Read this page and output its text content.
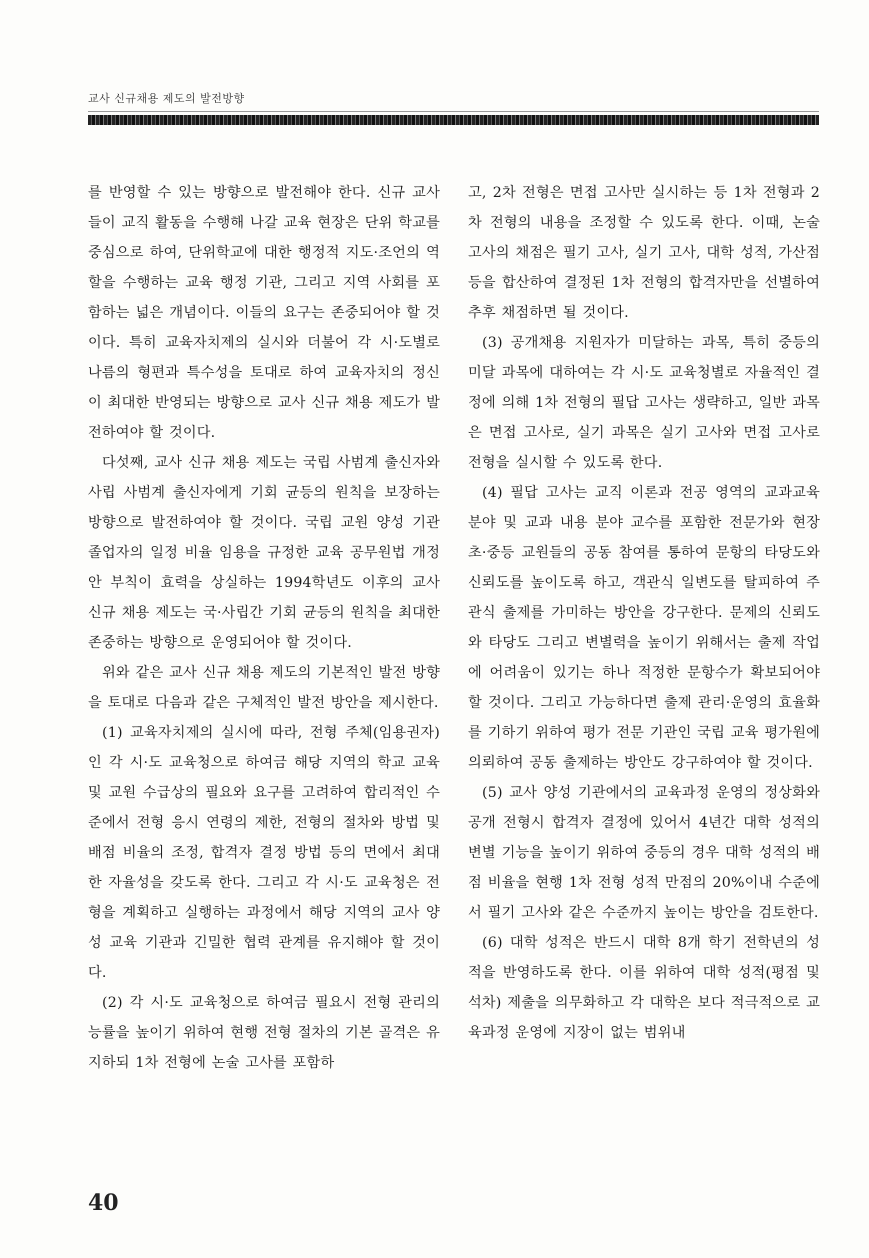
교사 신규채용 제도의 발전방향

를 반영할 수 있는 방향으로 발전해야 한다. 신규 교사들이 교직 활동을 수행해 나갈 교육 현장은 단위 학교를 중심으로 하여, 단위학교에 대한 행정적 지도·조언의 역할을 수행하는 교육 행정 기관, 그리고 지역 사회를 포함하는 넓은 개념이다. 이들의 요구는 존중되어야 할 것이다. 특히 교육자치제의 실시와 더불어 각 시·도별로 나름의 형편과 특수성을 토대로 하여 교육자치의 정신이 최대한 반영되는 방향으로 교사 신규 채용 제도가 발전하여야 할 것이다.

다섯째, 교사 신규 채용 제도는 국립 사범계 출신자와 사립 사범계 출신자에게 기회 균등의 원칙을 보장하는 방향으로 발전하여야 할 것이다. 국립 교원 양성 기관 졸업자의 일정 비율 임용을 규정한 교육 공무원법 개정안 부칙이 효력을 상실하는 1994학년도 이후의 교사 신규 채용 제도는 국·사립간 기회 균등의 원칙을 최대한 존중하는 방향으로 운영되어야 할 것이다.

위와 같은 교사 신규 채용 제도의 기본적인 발전 방향을 토대로 다음과 같은 구체적인 발전 방안을 제시한다.

(1) 교육자치제의 실시에 따라, 전형 주체(임용권자)인 각 시·도 교육청으로 하여금 해당 지역의 학교 교육 및 교원 수급상의 필요와 요구를 고려하여 합리적인 수준에서 전형 응시 연령의 제한, 전형의 절차와 방법 및 배점 비율의 조정, 합격자 결정 방법 등의 면에서 최대한 자율성을 갖도록 한다. 그리고 각 시·도 교육청은 전형을 계획하고 실행하는 과정에서 해당 지역의 교사 양성 교육 기관과 긴밀한 협력 관계를 유지해야 할 것이다.

(2) 각 시·도 교육청으로 하여금 필요시 전형 관리의 능률을 높이기 위하여 현행 전형 절차의 기본 골격은 유지하되 1차 전형에 논술 고사를 포함하

고, 2차 전형은 면접 고사만 실시하는 등 1차 전형과 2차 전형의 내용을 조정할 수 있도록 한다. 이때, 논술 고사의 채점은 필기 고사, 실기 고사, 대학 성적, 가산점 등을 합산하여 결정된 1차 전형의 합격자만을 선별하여 추후 채점하면 될 것이다.

(3) 공개채용 지원자가 미달하는 과목, 특히 중등의 미달 과목에 대하여는 각 시·도 교육청별로 자율적인 결정에 의해 1차 전형의 필답 고사는 생략하고, 일반 과목은 면접 고사로, 실기 과목은 실기 고사와 면접 고사로 전형을 실시할 수 있도록 한다.

(4) 필답 고사는 교직 이론과 전공 영역의 교과교육 분야 및 교과 내용 분야 교수를 포함한 전문가와 현장 초·중등 교원들의 공동 참여를 통하여 문항의 타당도와 신뢰도를 높이도록 하고, 객관식 일변도를 탈피하여 주관식 출제를 가미하는 방안을 강구한다. 문제의 신뢰도와 타당도 그리고 변별력을 높이기 위해서는 출제 작업에 어려움이 있기는 하나 적정한 문항수가 확보되어야 할 것이다. 그리고 가능하다면 출제 관리·운영의 효율화를 기하기 위하여 평가 전문 기관인 국립 교육 평가원에 의뢰하여 공동 출제하는 방안도 강구하여야 할 것이다.

(5) 교사 양성 기관에서의 교육과정 운영의 정상화와 공개 전형시 합격자 결정에 있어서 4년간 대학 성적의 변별 기능을 높이기 위하여 중등의 경우 대학 성적의 배점 비율을 현행 1차 전형 성적 만점의 20%이내 수준에서 필기 고사와 같은 수준까지 높이는 방안을 검토한다.

(6) 대학 성적은 반드시 대학 8개 학기 전학년의 성적을 반영하도록 한다. 이를 위하여 대학 성적(평점 및 석차) 제출을 의무화하고 각 대학은 보다 적극적으로 교육과정 운영에 지장이 없는 범위내

40
